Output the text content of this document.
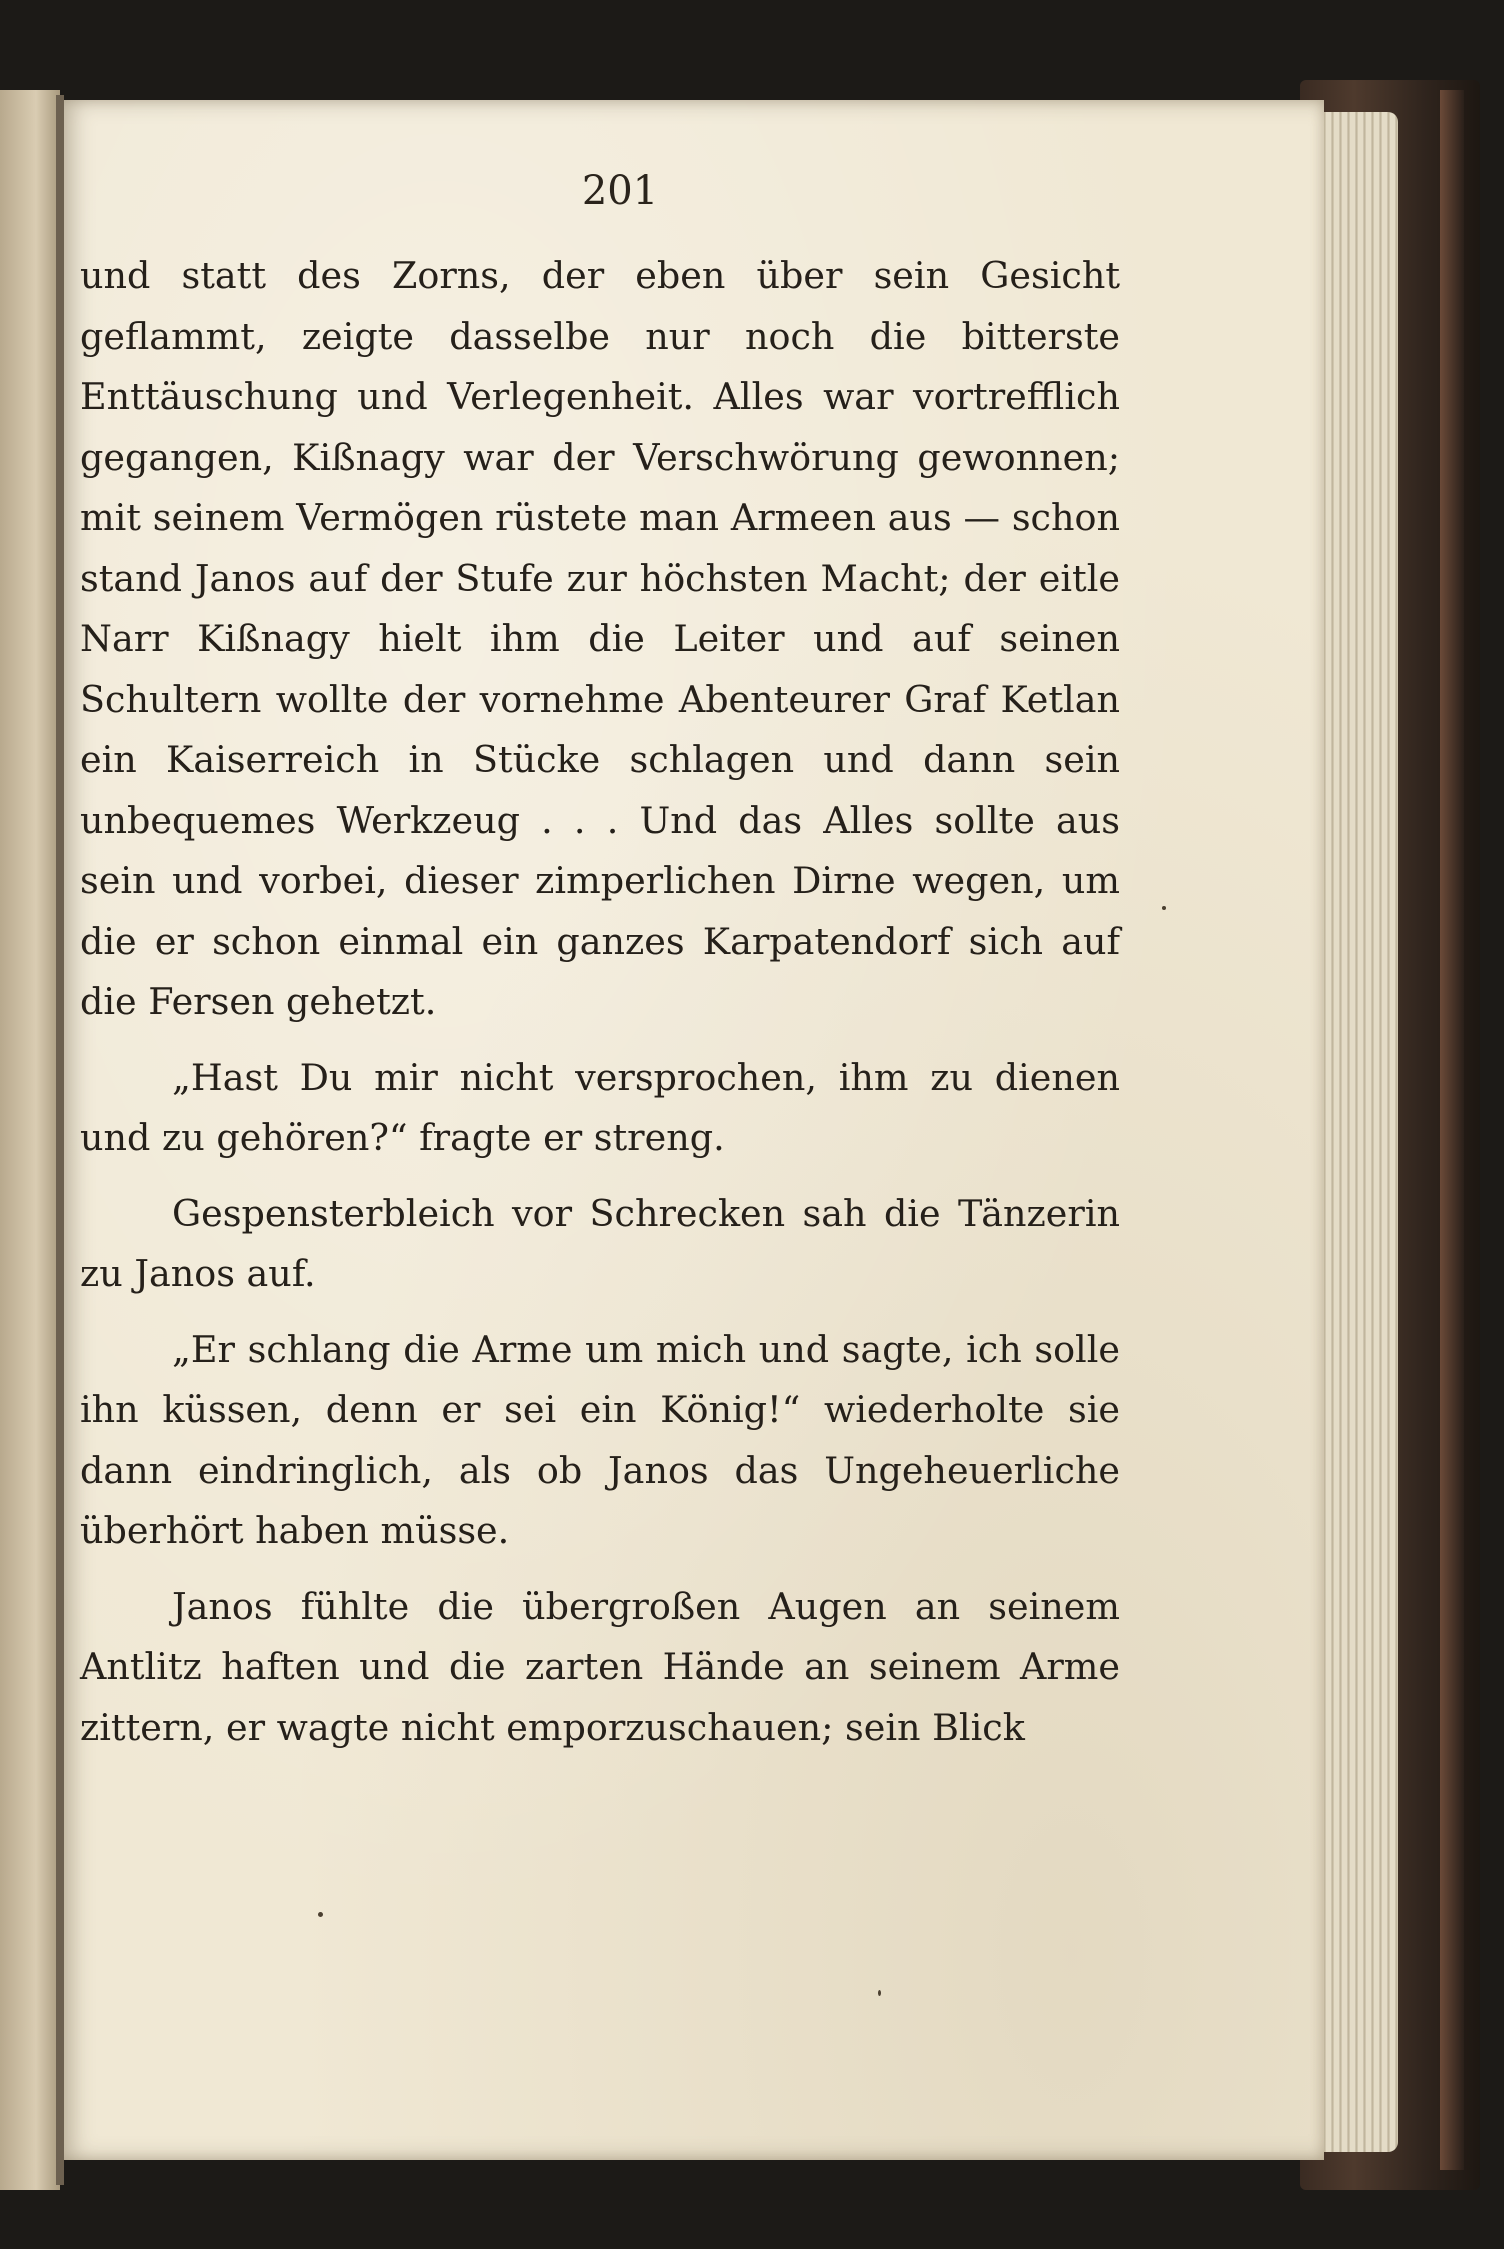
201

und statt des Zorns, der eben über sein Gesicht geflammt, zeigte dasselbe nur noch die bitterste Enttäuschung und Verlegenheit. Alles war vortrefflich gegangen, Kißnagy war der Verschwörung gewonnen; mit seinem Vermögen rüstete man Armeen aus — schon stand Janos auf der Stufe zur höchsten Macht; der eitle Narr Kißnagy hielt ihm die Leiter und auf seinen Schultern wollte der vornehme Abenteurer Graf Ketlan ein Kaiserreich in Stücke schlagen und dann sein unbequemes Werkzeug . . . Und das Alles sollte aus sein und vorbei, dieser zimperlichen Dirne wegen, um die er schon einmal ein ganzes Karpatendorf sich auf die Fersen gehetzt.

„Hast Du mir nicht versprochen, ihm zu dienen und zu gehören?“ fragte er streng.

Gespensterbleich vor Schrecken sah die Tänzerin zu Janos auf.

„Er schlang die Arme um mich und sagte, ich solle ihn küssen, denn er sei ein König!“ wiederholte sie dann eindringlich, als ob Janos das Ungeheuerliche überhört haben müsse.

Janos fühlte die übergroßen Augen an seinem Antlitz haften und die zarten Hände an seinem Arme zittern, er wagte nicht emporzuschauen; sein Blick
